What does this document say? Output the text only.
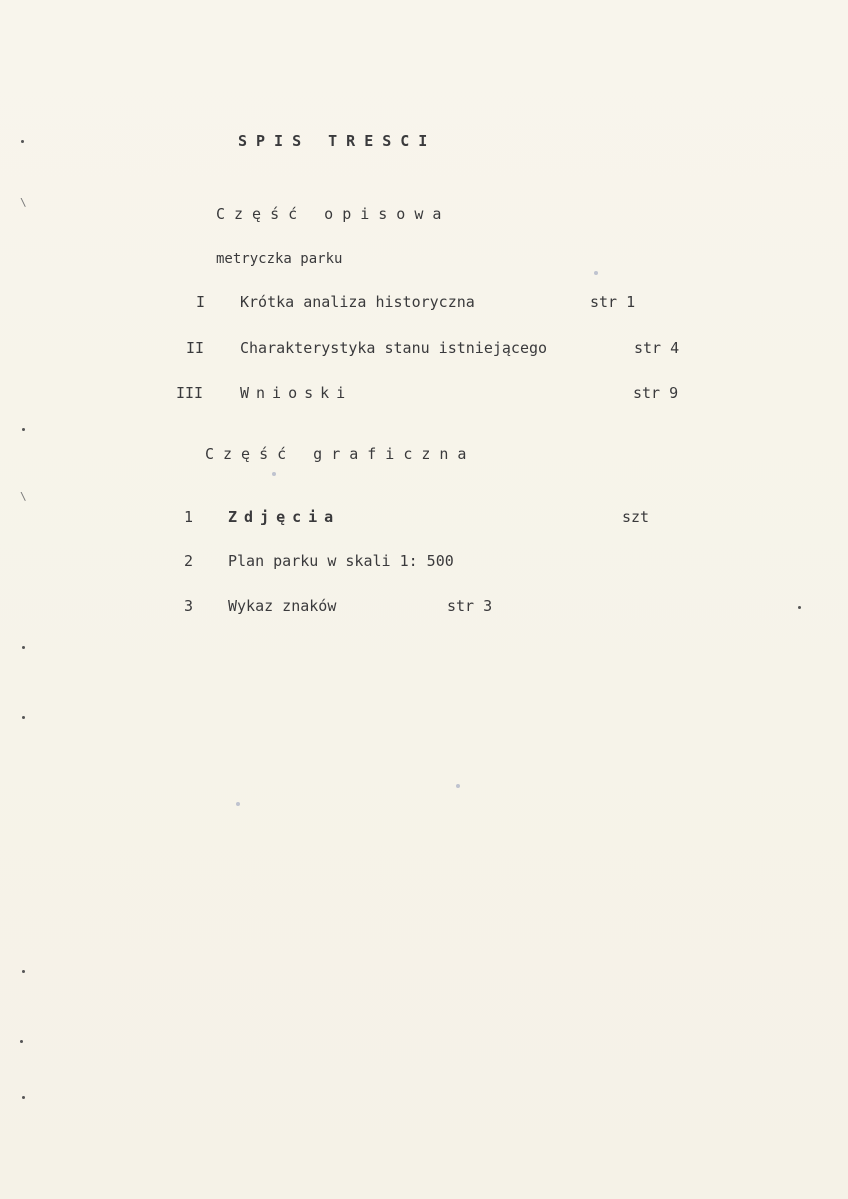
SPIS TRESCI
Część opisowa
metryczka parku
I Krótka analiza historyczna	str 1
II Charakterystyka stanu istniejącego	str 4
III Wnioski	str 9
Część graficzna
1 Zdjęcia	szt
2 Plan parku w skali 1: 500
3 Wykaz znaków	str 3
\
\
